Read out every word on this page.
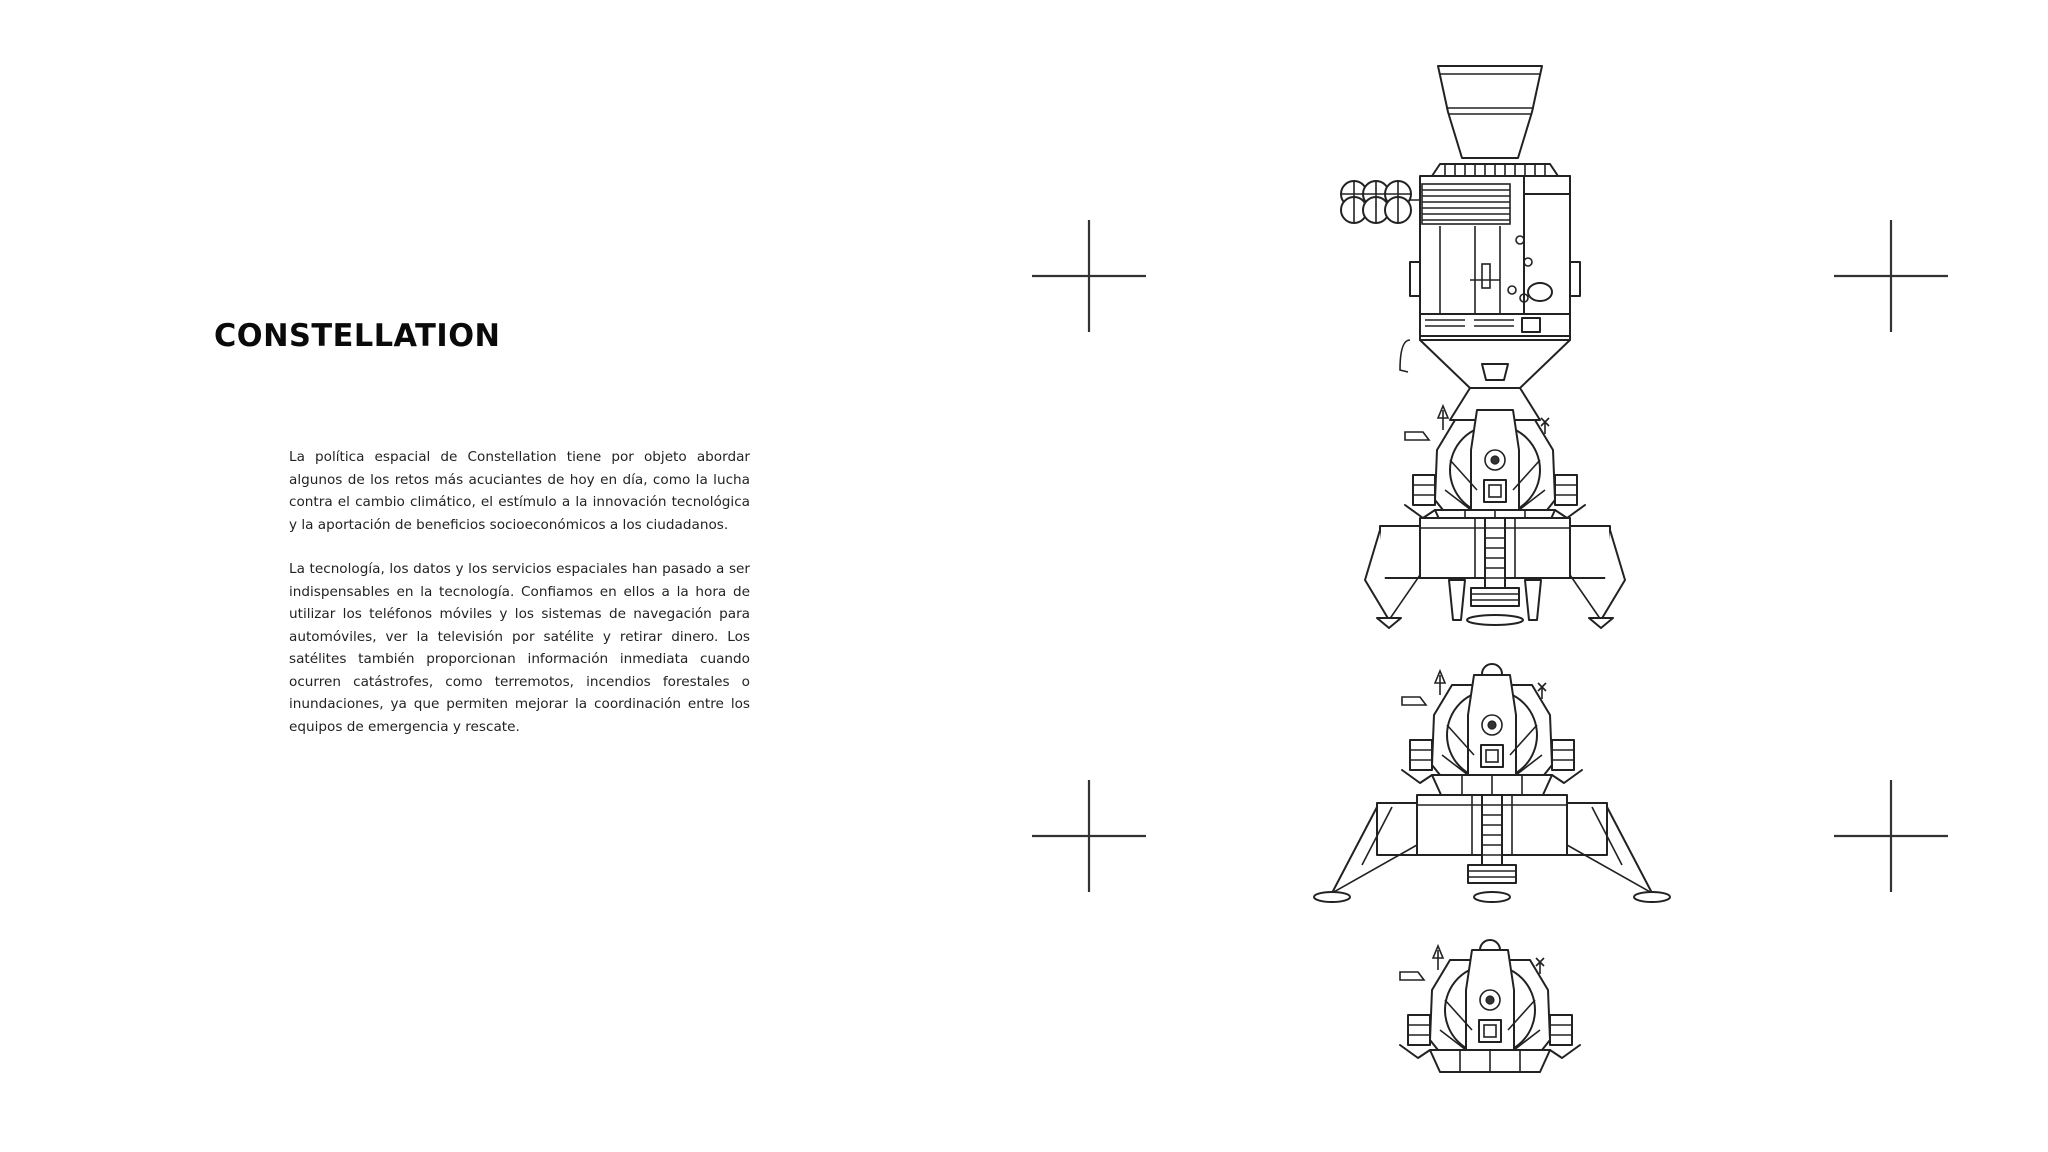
CONSTELLATION

La política espacial de Constellation tiene por objeto abordar algunos de los retos más acuciantes de hoy en día, como la lucha contra el cambio climático, el estímulo a la innovación tecnológica y la aportación de beneficios socioeconómicos a los ciudadanos.

La tecnología, los datos y los servicios espaciales han pasado a ser indispensables en la tecnología. Confiamos en ellos a la hora de utilizar los teléfonos móviles y los sistemas de navegación para automóviles, ver la televisión por satélite y retirar dinero. Los satélites también proporcionan información inmediata cuando ocurren catástrofes, como terremotos, incendios forestales o inundaciones, ya que permiten mejorar la coordinación entre los equipos de emergencia y rescate.
